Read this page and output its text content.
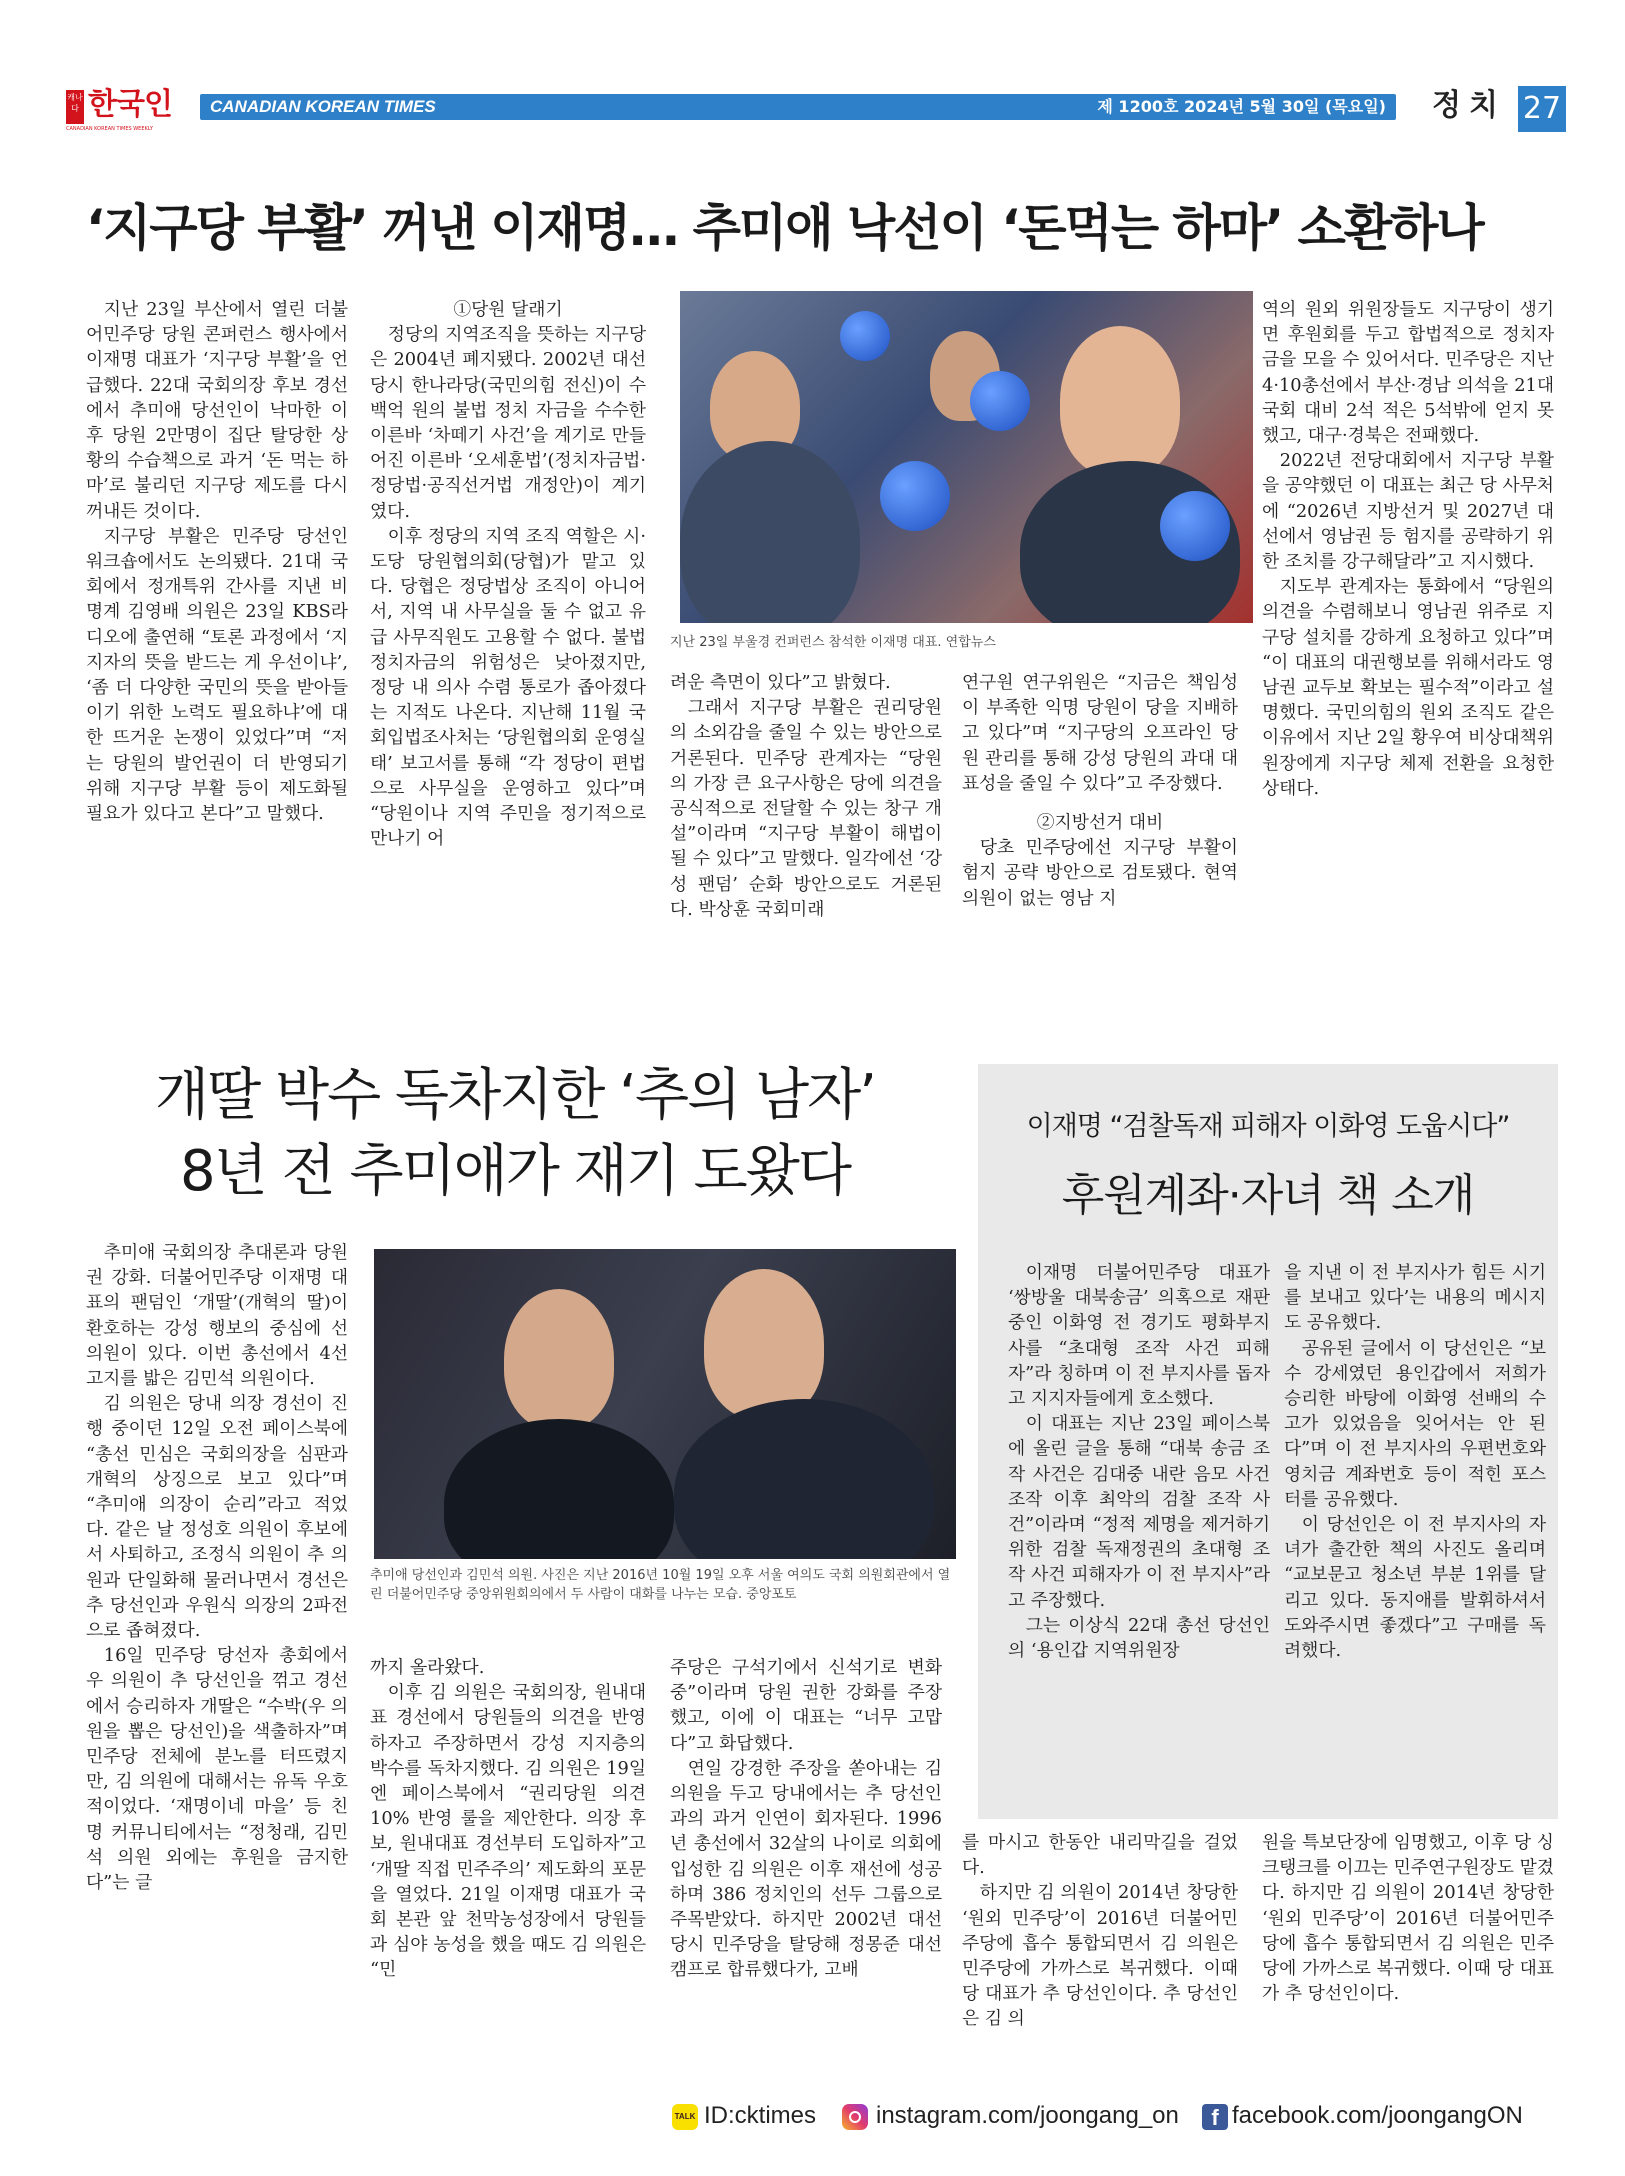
캐나다 한국인
CANADIAN KOREAN TIMES WEEKLY
CANADIAN KOREAN TIMES	제 1200호 2024년 5월 30일 (목요일) 정치 27
‘지구당 부활’ 꺼낸 이재명… 추미애 낙선이 ‘돈먹는 하마’ 소환하나

지난 23일 부산에서 열린 더불어민주당 당원 콘퍼런스 행사에서 이재명 대표가 ‘지구당 부활’을 언급했다. 22대 국회의장 후보 경선에서 추미애 당선인이 낙마한 이후 당원 2만명이 집단 탈당한 상황의 수습책으로 과거 ‘돈 먹는 하마’로 불리던 지구당 제도를 다시 꺼내든 것이다.

지구당 부활은 민주당 당선인 워크숍에서도 논의됐다. 21대 국회에서 정개특위 간사를 지낸 비명계 김영배 의원은 23일 KBS라디오에 출연해 “토론 과정에서 ‘지지자의 뜻을 받드는 게 우선이냐’, ‘좀 더 다양한 국민의 뜻을 받아들이기 위한 노력도 필요하냐’에 대한 뜨거운 논쟁이 있었다”며 “저는 당원의 발언권이 더 반영되기 위해 지구당 부활 등이 제도화될 필요가 있다고 본다”고 말했다.

①당원 달래기

정당의 지역조직을 뜻하는 지구당은 2004년 폐지됐다. 2002년 대선 당시 한나라당(국민의힘 전신)이 수백억 원의 불법 정치 자금을 수수한 이른바 ‘차떼기 사건’을 계기로 만들어진 이른바 ‘오세훈법’(정치자금법·정당법·공직선거법 개정안)이 계기였다.

이후 정당의 지역 조직 역할은 시·도당 당원협의회(당협)가 맡고 있다. 당협은 정당법상 조직이 아니어서, 지역 내 사무실을 둘 수 없고 유급 사무직원도 고용할 수 없다. 불법 정치자금의 위험성은 낮아졌지만, 정당 내 의사 수렴 통로가 좁아졌다는 지적도 나온다. 지난해 11월 국회입법조사처는 ‘당원협의회 운영실태’ 보고서를 통해 “각 정당이 편법으로 사무실을 운영하고 있다”며 “당원이나 지역 주민을 정기적으로 만나기 어

지난 23일 부울경 컨퍼런스 참석한 이재명 대표. 연합뉴스

려운 측면이 있다”고 밝혔다.

그래서 지구당 부활은 권리당원의 소외감을 줄일 수 있는 방안으로 거론된다. 민주당 관계자는 “당원의 가장 큰 요구사항은 당에 의견을 공식적으로 전달할 수 있는 창구 개설”이라며 “지구당 부활이 해법이 될 수 있다”고 말했다. 일각에선 ‘강성 팬덤’ 순화 방안으로도 거론된다. 박상훈 국회미래

연구원 연구위원은 “지금은 책임성이 부족한 익명 당원이 당을 지배하고 있다”며 “지구당의 오프라인 당원 관리를 통해 강성 당원의 과대 대표성을 줄일 수 있다”고 주장했다.

②지방선거 대비

당초 민주당에선 지구당 부활이 험지 공략 방안으로 검토됐다. 현역의원이 없는 영남 지

역의 원외 위원장들도 지구당이 생기면 후원회를 두고 합법적으로 정치자금을 모을 수 있어서다. 민주당은 지난 4·10총선에서 부산·경남 의석을 21대 국회 대비 2석 적은 5석밖에 얻지 못했고, 대구·경북은 전패했다.

2022년 전당대회에서 지구당 부활을 공약했던 이 대표는 최근 당 사무처에 “2026년 지방선거 및 2027년 대선에서 영남권 등 험지를 공략하기 위한 조치를 강구해달라”고 지시했다.

지도부 관계자는 통화에서 “당원의 의견을 수렴해보니 영남권 위주로 지구당 설치를 강하게 요청하고 있다”며 “이 대표의 대권행보를 위해서라도 영남권 교두보 확보는 필수적”이라고 설명했다. 국민의힘의 원외 조직도 같은 이유에서 지난 2일 황우여 비상대책위원장에게 지구당 체제 전환을 요청한 상태다.

개딸 박수 독차지한 ‘추의 남자’
8년 전 추미애가 재기 도왔다

추미애 국회의장 추대론과 당원권 강화. 더불어민주당 이재명 대표의 팬덤인 ‘개딸’(개혁의 딸)이 환호하는 강성 행보의 중심에 선 의원이 있다. 이번 총선에서 4선 고지를 밟은 김민석 의원이다.

김 의원은 당내 의장 경선이 진행 중이던 12일 오전 페이스북에 “총선 민심은 국회의장을 심판과 개혁의 상징으로 보고 있다”며 “추미애 의장이 순리”라고 적었다. 같은 날 정성호 의원이 후보에서 사퇴하고, 조정식 의원이 추 의원과 단일화해 물러나면서 경선은 추 당선인과 우원식 의장의 2파전으로 좁혀졌다.

16일 민주당 당선자 총회에서 우 의원이 추 당선인을 꺾고 경선에서 승리하자 개딸은 “수박(우 의원을 뽑은 당선인)을 색출하자”며 민주당 전체에 분노를 터뜨렸지만, 김 의원에 대해서는 유독 우호적이었다. ‘재명이네 마을’ 등 친명 커뮤니티에서는 “정청래, 김민석 의원 외에는 후원을 금지한다”는 글

추미애 당선인과 김민석 의원. 사진은 지난 2016년 10월 19일 오후 서울 여의도 국회 의원회관에서 열린 더불어민주당 중앙위원회의에서 두 사람이 대화를 나누는 모습. 중앙포토

까지 올라왔다.

이후 김 의원은 국회의장, 원내대표 경선에서 당원들의 의견을 반영하자고 주장하면서 강성 지지층의 박수를 독차지했다. 김 의원은 19일엔 페이스북에서 “권리당원 의견 10% 반영 룰을 제안한다. 의장 후보, 원내대표 경선부터 도입하자”고 ‘개딸 직접 민주주의’ 제도화의 포문을 열었다. 21일 이재명 대표가 국회 본관 앞 천막농성장에서 당원들과 심야 농성을 했을 때도 김 의원은 “민

주당은 구석기에서 신석기로 변화 중”이라며 당원 권한 강화를 주장했고, 이에 이 대표는 “너무 고맙다”고 화답했다.

연일 강경한 주장을 쏟아내는 김 의원을 두고 당내에서는 추 당선인과의 과거 인연이 회자된다. 1996년 총선에서 32살의 나이로 의회에 입성한 김 의원은 이후 재선에 성공하며 386 정치인의 선두 그룹으로 주목받았다. 하지만 2002년 대선 당시 민주당을 탈당해 정몽준 대선 캠프로 합류했다가, 고배

이재명 “검찰독재 피해자 이화영 도웁시다”
후원계좌·자녀 책 소개

이재명 더불어민주당 대표가 ‘쌍방울 대북송금’ 의혹으로 재판 중인 이화영 전 경기도 평화부지사를 “초대형 조작 사건 피해자”라 칭하며 이 전 부지사를 돕자고 지지자들에게 호소했다.

이 대표는 지난 23일 페이스북에 올린 글을 통해 “대북 송금 조작 사건은 김대중 내란 음모 사건 조작 이후 최악의 검찰 조작 사건”이라며 “정적 제명을 제거하기 위한 검찰 독재정권의 초대형 조작 사건 피해자가 이 전 부지사”라고 주장했다.

그는 이상식 22대 총선 당선인의 ‘용인갑 지역위원장

을 지낸 이 전 부지사가 힘든 시기를 보내고 있다’는 내용의 메시지도 공유했다.

공유된 글에서 이 당선인은 “보수 강세였던 용인갑에서 저희가 승리한 바탕에 이화영 선배의 수고가 있었음을 잊어서는 안 된다”며 이 전 부지사의 우편번호와 영치금 계좌번호 등이 적힌 포스터를 공유했다.

이 당선인은 이 전 부지사의 자녀가 출간한 책의 사진도 올리며 “교보문고 청소년 부분 1위를 달리고 있다. 동지애를 발휘하셔서 도와주시면 좋겠다”고 구매를 독려했다.

를 마시고 한동안 내리막길을 걸었다.

하지만 김 의원이 2014년 창당한 ‘원외 민주당’이 2016년 더불어민주당에 흡수 통합되면서 김 의원은 민주당에 가까스로 복귀했다. 이때 당 대표가 추 당선인이다. 추 당선인은 김 의

원을 특보단장에 임명했고, 이후 당 싱크탱크를 이끄는 민주연구원장도 맡겼다. 하지만 김 의원이 2014년 창당한 ‘원외 민주당’이 2016년 더불어민주당에 흡수 통합되면서 김 의원은 민주당에 가까스로 복귀했다. 이때 당 대표가 추 당선인이다.

TALK ID:cktimes	instagram.com/joongang_on	f facebook.com/joongangON
